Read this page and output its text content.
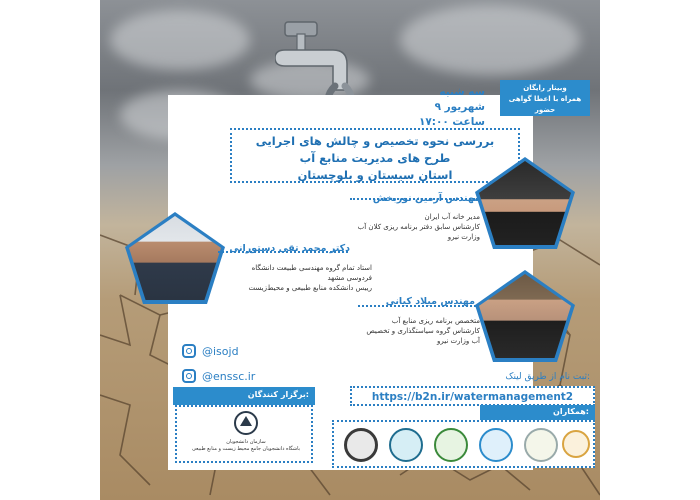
وبینار رایگان
همراه با اعطا گواهی حضور
سه شنبه
۹ شهریور
ساعت ۱۷:۰۰
بررسی نحوه تخصیص و چالش های اجرایی
طرح های مدیریت منابع آب
استان سیستان و بلوچستان
مهندس آرمین نوربخش
مدیر خانه آب ایران
کارشناس سابق دفتر برنامه ریزی کلان آب
وزارت نیرو
دکتر محمد تقی دستورانی
استاد تمام گروه مهندسی طبیعت دانشگاه
فردوسی مشهد
رییس دانشکده منابع طبیعی و محیط‌زیست
مهندس میلاد کیانی
متخصص برنامه ریزی منابع آب
کارشناس گروه سیاستگذاری و تخصیص
آب وزارت نیرو
@isojd
@enssc.ir	ثبت نام از طریق لینک:
https://b2n.ir/watermanagement2
برگزار کنندگان:
سازمان دانشجویان
باشگاه دانشجویان جامع محیط زیست و منابع طبیعی
همکاران:
